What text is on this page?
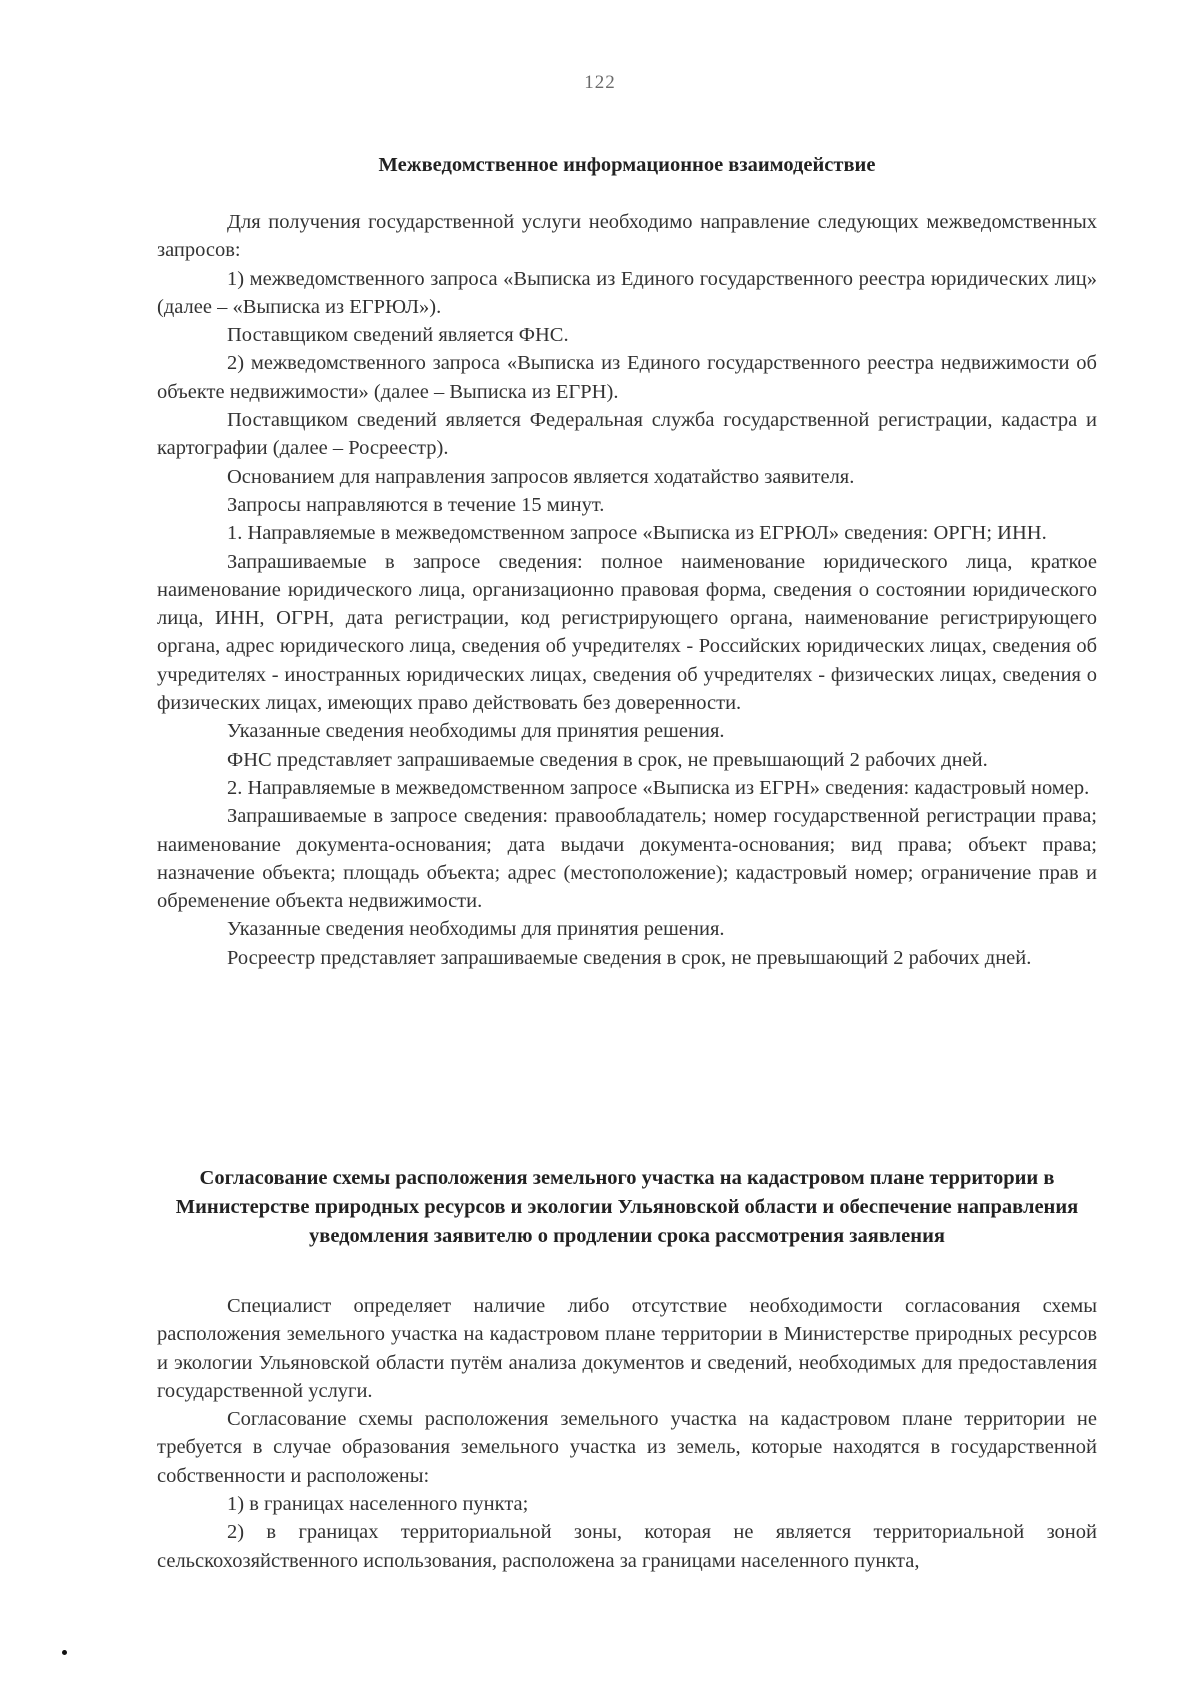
122
Межведомственное информационное взаимодействие

Для получения государственной услуги необходимо направление следующих межведомственных запросов:

1) межведомственного запроса «Выписка из Единого государственного реестра юридических лиц» (далее – «Выписка из ЕГРЮЛ»).

Поставщиком сведений является ФНС.

2) межведомственного запроса «Выписка из Единого государственного реестра недвижимости об объекте недвижимости» (далее – Выписка из ЕГРН).

Поставщиком сведений является Федеральная служба государственной регистрации, кадастра и картографии (далее – Росреестр).

Основанием для направления запросов является ходатайство заявителя.

Запросы направляются в течение 15 минут.

1. Направляемые в межведомственном запросе «Выписка из ЕГРЮЛ» сведения: ОРГН; ИНН.

Запрашиваемые в запросе сведения: полное наименование юридического лица, краткое наименование юридического лица, организационно правовая форма, сведения о состоянии юридического лица, ИНН, ОГРН, дата регистрации, код регистрирующего органа, наименование регистрирующего органа, адрес юридического лица, сведения об учредителях - Российских юридических лицах, сведения об учредителях - иностранных юридических лицах, сведения об учредителях - физических лицах, сведения о физических лицах, имеющих право действовать без доверенности.

Указанные сведения необходимы для принятия решения.

ФНС представляет запрашиваемые сведения в срок, не превышающий 2 рабочих дней.

2. Направляемые в межведомственном запросе «Выписка из ЕГРН» сведения: кадастровый номер.

Запрашиваемые в запросе сведения: правообладатель; номер государственной регистрации права; наименование документа-основания; дата выдачи документа-основания; вид права; объект права; назначение объекта; площадь объекта; адрес (местоположение); кадастровый номер; ограничение прав и обременение объекта недвижимости.

Указанные сведения необходимы для принятия решения.

Росреестр представляет запрашиваемые сведения в срок, не превышающий 2 рабочих дней.

Согласование схемы расположения земельного участка на кадастровом плане территории в Министерстве природных ресурсов и экологии Ульяновской области и обеспечение направления уведомления заявителю о продлении срока рассмотрения заявления

Специалист определяет наличие либо отсутствие необходимости согласования схемы расположения земельного участка на кадастровом плане территории в Министерстве природных ресурсов и экологии Ульяновской области путём анализа документов и сведений, необходимых для предоставления государственной услуги.

Согласование схемы расположения земельного участка на кадастровом плане территории не требуется в случае образования земельного участка из земель, которые находятся в государственной собственности и расположены:

1) в границах населенного пункта;

2) в границах территориальной зоны, которая не является территориальной зоной сельскохозяйственного использования, расположена за границами населенного пункта,
